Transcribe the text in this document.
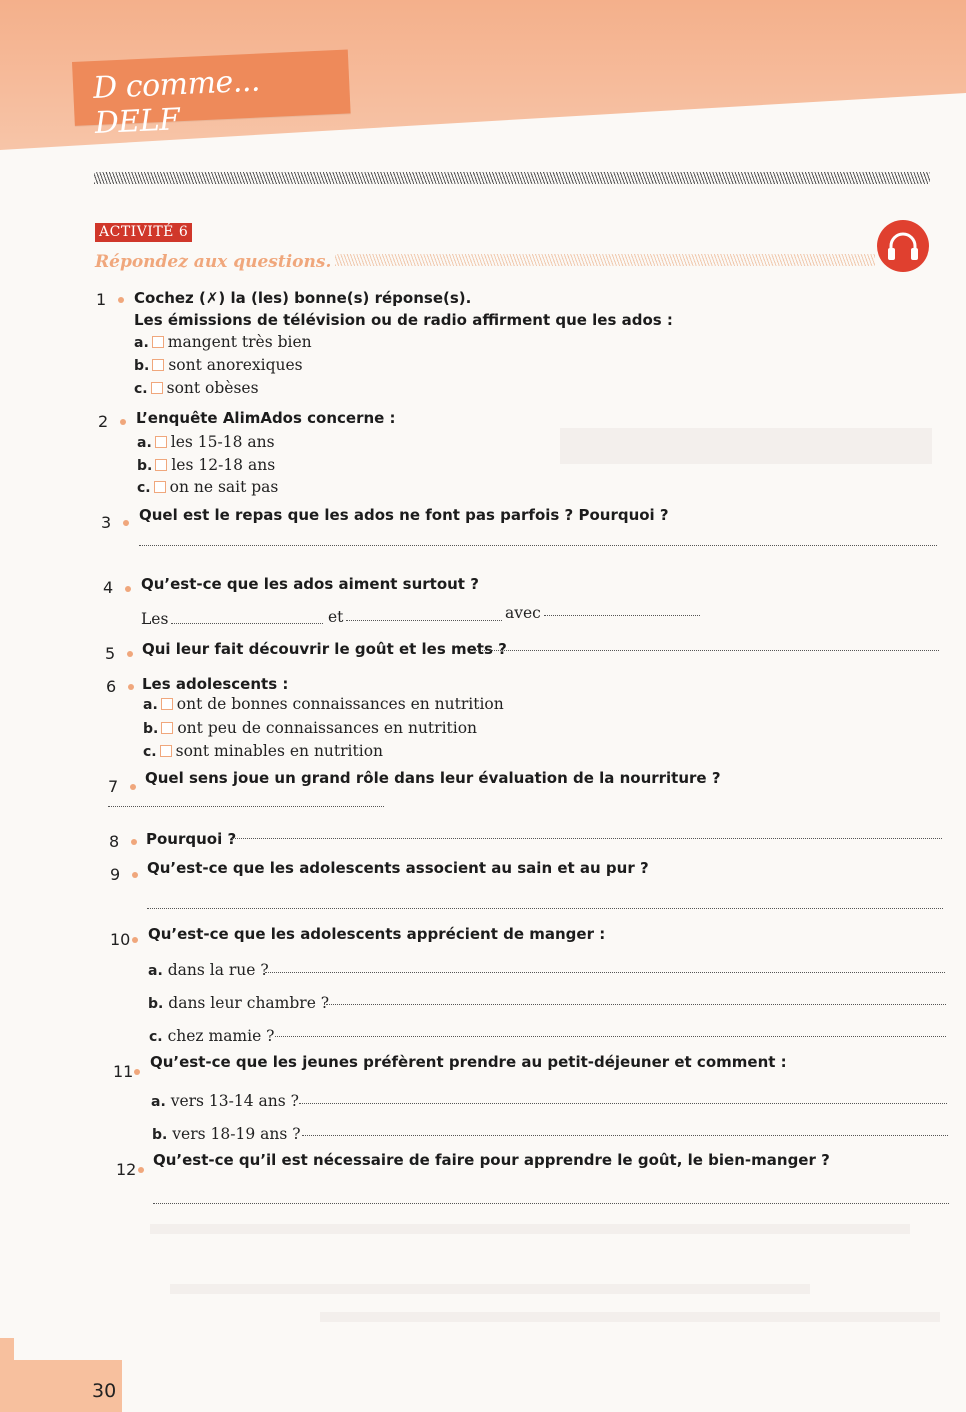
D comme... DELF
ACTIVITÉ 6
Répondez aux questions.
1 Cochez (✗) la (les) bonne(s) réponse(s).
Les émissions de télévision ou de radio affirment que les ados :
a. mangent très bien
b. sont anorexiques
c. sont obèses
2 L’enquête AlimAdos concerne :
a. les 15-18 ans
b. les 12-18 ans
c. on ne sait pas
3 Quel est le repas que les ados ne font pas parfois ? Pourquoi ?
4 Qu’est-ce que les ados aiment surtout ?
Les	et	avec
5 Qui leur fait découvrir le goût et les mets ?
6 Les adolescents :
a. ont de bonnes connaissances en nutrition
b. ont peu de connaissances en nutrition
c. sont minables en nutrition
7 Quel sens joue un grand rôle dans leur évaluation de la nourriture ?
8 Pourquoi ?
9 Qu’est-ce que les adolescents associent au sain et au pur ?
10 Qu’est-ce que les adolescents apprécient de manger :
a. dans la rue ?
b. dans leur chambre ?
c. chez mamie ?
11 Qu’est-ce que les jeunes préfèrent prendre au petit-déjeuner et comment :
a. vers 13-14 ans ?
b. vers 18-19 ans ?
12 Qu’est-ce qu’il est nécessaire de faire pour apprendre le goût, le bien-manger ?
30
